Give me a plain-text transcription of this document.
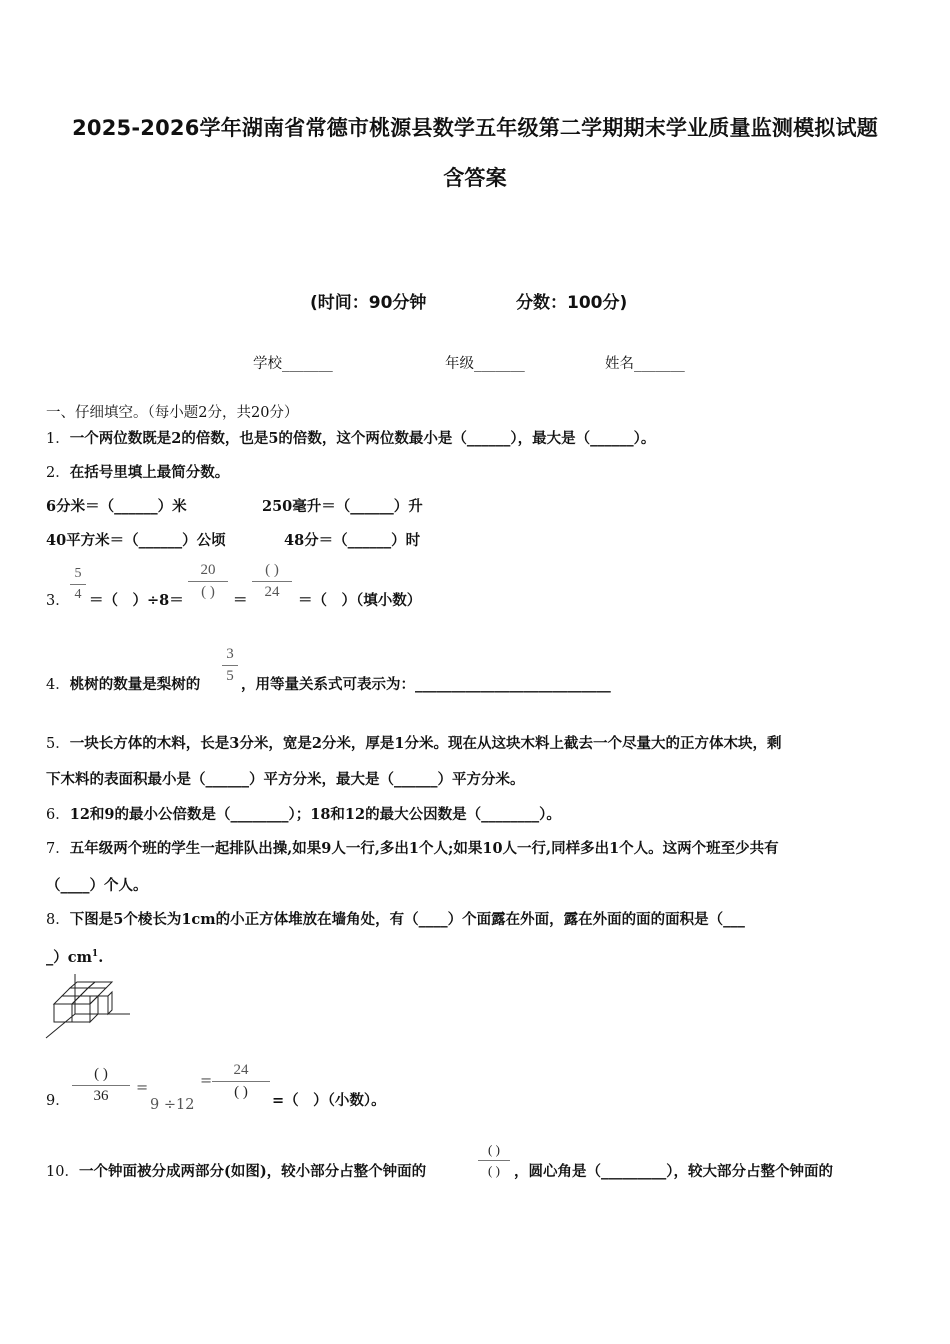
2025-2026学年湖南省常德市桃源县数学五年级第二学期期末学业质量监测模拟试题
含答案
(时间：90分钟	分数：100分)
学校_______	年级_______	姓名_______
一、仔细填空。（每小题2分，共20分）
1．一个两位数既是2的倍数，也是5的倍数，这个两位数最小是（______），最大是（______）。
2．在括号里填上最简分数。
6分米＝（______）米	250毫升＝（______）升
40平方米＝（______）公顷	48分＝（______）时
3．
5
4 ＝（　）÷8＝
20
( )	＝
( )
24	＝（　）（填小数）
4．桃树的数量是梨树的
3
5 ，用等量关系式可表示为：___________________________
5．一块长方体的木料，长是3分米，宽是2分米，厚是1分米。现在从这块木料上截去一个尽量大的正方体木块，剩
下木料的表面积最小是（______）平方分米，最大是（______）平方分米。
6．12和9的最小公倍数是（________）；18和12的最大公因数是（________）。
7．五年级两个班的学生一起排队出操,如果9人一行,多出1个人;如果10人一行,同样多出1个人。这两个班至少共有
（____）个人。
8．下图是5个棱长为1cm的小正方体堆放在墙角处，有（____）个面露在外面，露在外面的面的面积是（___
$\_)cm^1$.
9．
( )
36	=
9 ÷12
=
24
( )	=（　）（小数）。
10．一个钟面被分成两部分(如图)，较小部分占整个钟面的
( )
( ) ，圆心角是（_________），较大部分占整个钟面的
